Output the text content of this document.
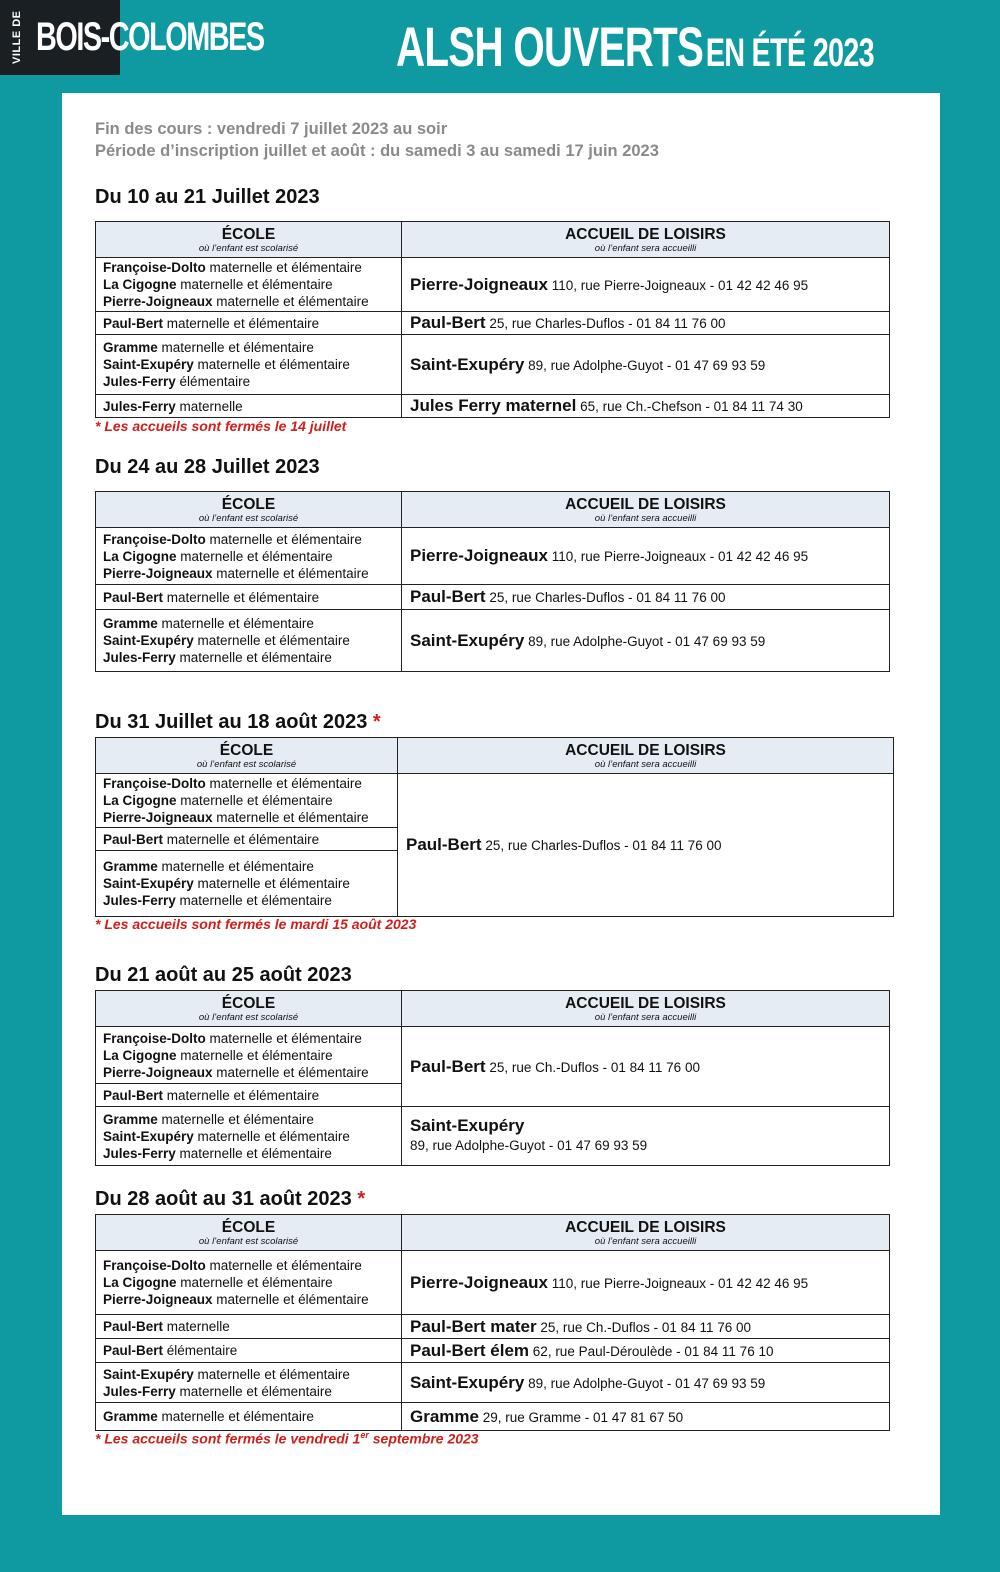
VILLE DE BOIS-COLOMBES ALSH OUVERTS EN ÉTÉ 2023
Fin des cours : vendredi 7 juillet 2023 au soir
Période d’inscription juillet et août : du samedi 3 au samedi 17 juin 2023
Du 10 au 21 Juillet 2023
ÉCOLE
où l’enfant est scolarisé	ACCUEIL DE LOISIRS
où l’enfant sera accueilli

Françoise-Dolto maternelle et élémentaire
La Cigogne maternelle et élémentaire
Pierre-Joigneaux maternelle et élémentaire	Pierre-Joigneaux 110, rue Pierre-Joigneaux - 01 42 42 46 95

Paul-Bert maternelle et élémentaire	Paul-Bert 25, rue Charles-Duflos - 01 84 11 76 00

Gramme maternelle et élémentaire
Saint-Exupéry maternelle et élémentaire
Jules-Ferry élémentaire	Saint-Exupéry 89, rue Adolphe-Guyot - 01 47 69 93 59

Jules-Ferry maternelle	Jules Ferry maternel 65, rue Ch.-Chefson - 01 84 11 74 30
* Les accueils sont fermés le 14 juillet
Du 24 au 28 Juillet 2023
ÉCOLE
où l’enfant est scolarisé	ACCUEIL DE LOISIRS
où l’enfant sera accueilli

Françoise-Dolto maternelle et élémentaire
La Cigogne maternelle et élémentaire
Pierre-Joigneaux maternelle et élémentaire	Pierre-Joigneaux 110, rue Pierre-Joigneaux - 01 42 42 46 95

Paul-Bert maternelle et élémentaire	Paul-Bert 25, rue Charles-Duflos - 01 84 11 76 00

Gramme maternelle et élémentaire
Saint-Exupéry maternelle et élémentaire
Jules-Ferry maternelle et élémentaire	Saint-Exupéry 89, rue Adolphe-Guyot - 01 47 69 93 59
Du 31 Juillet au 18 août 2023 *
ÉCOLE
où l’enfant est scolarisé	ACCUEIL DE LOISIRS
où l’enfant sera accueilli

Françoise-Dolto maternelle et élémentaire
La Cigogne maternelle et élémentaire
Pierre-Joigneaux maternelle et élémentaire	Paul-Bert 25, rue Charles-Duflos - 01 84 11 76 00

Paul-Bert maternelle et élémentaire	

Gramme maternelle et élémentaire
Saint-Exupéry maternelle et élémentaire
Jules-Ferry maternelle et élémentaire	
* Les accueils sont fermés le mardi 15 août 2023
Du 21 août au 25 août 2023
ÉCOLE
où l’enfant est scolarisé	ACCUEIL DE LOISIRS
où l’enfant sera accueilli

Françoise-Dolto maternelle et élémentaire
La Cigogne maternelle et élémentaire
Pierre-Joigneaux maternelle et élémentaire	Paul-Bert 25, rue Ch.-Duflos - 01 84 11 76 00

Paul-Bert maternelle et élémentaire	

Gramme maternelle et élémentaire
Saint-Exupéry maternelle et élémentaire
Jules-Ferry maternelle et élémentaire	Saint-Exupéry
89, rue Adolphe-Guyot - 01 47 69 93 59
Du 28 août au 31 août 2023 *
ÉCOLE
où l’enfant est scolarisé	ACCUEIL DE LOISIRS
où l’enfant sera accueilli

Françoise-Dolto maternelle et élémentaire
La Cigogne maternelle et élémentaire
Pierre-Joigneaux maternelle et élémentaire	Pierre-Joigneaux 110, rue Pierre-Joigneaux - 01 42 42 46 95

Paul-Bert maternelle	Paul-Bert mater 25, rue Ch.-Duflos - 01 84 11 76 00

Paul-Bert élémentaire	Paul-Bert élem 62, rue Paul-Déroulède - 01 84 11 76 10

Saint-Exupéry maternelle et élémentaire
Jules-Ferry maternelle et élémentaire	Saint-Exupéry 89, rue Adolphe-Guyot - 01 47 69 93 59

Gramme maternelle et élémentaire	Gramme 29, rue Gramme - 01 47 81 67 50
* Les accueils sont fermés le vendredi 1er septembre 2023
